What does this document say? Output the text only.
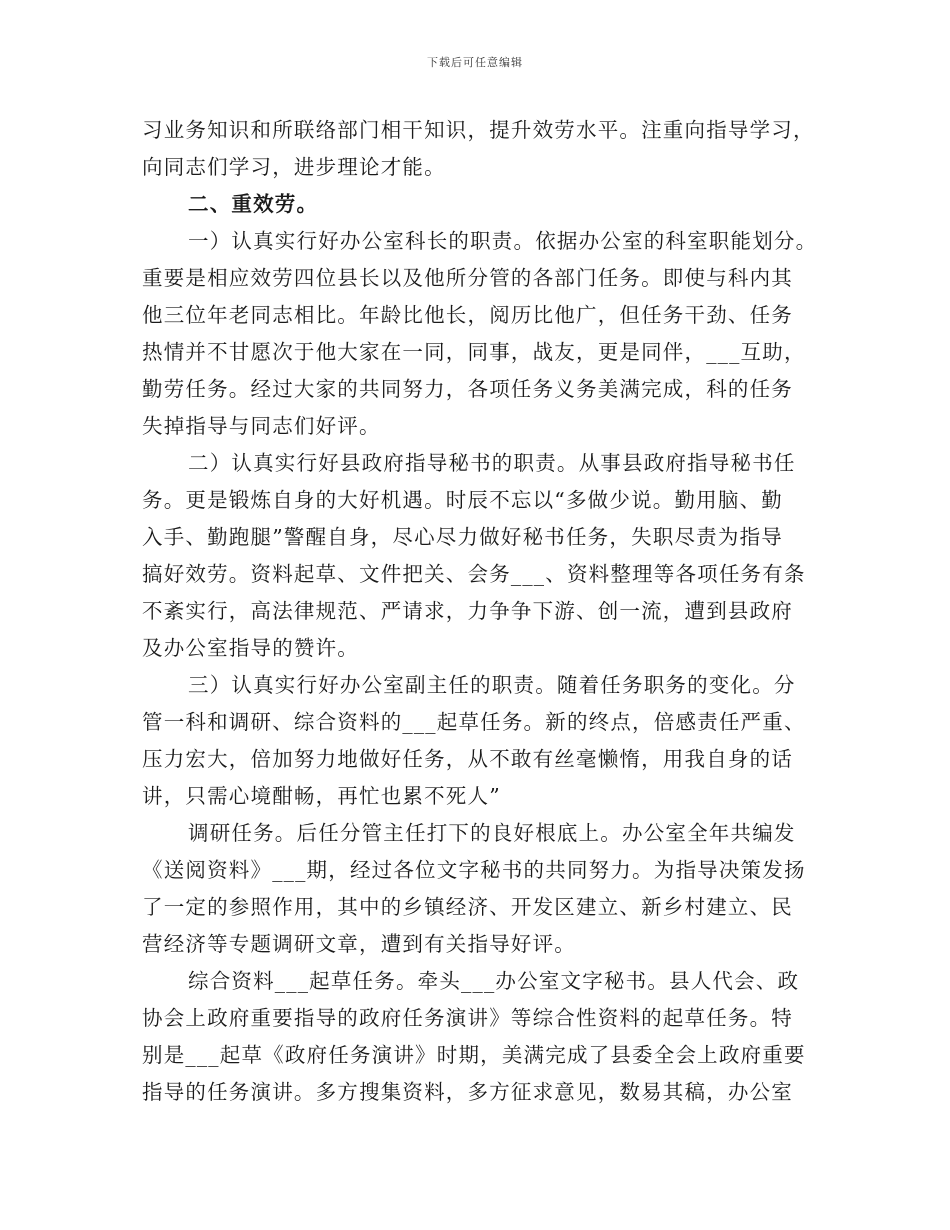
下载后可任意编辑
习业务知识和所联络部门相干知识，提升效劳水平。注重向指导学习，
向同志们学习，进步理论才能。
二、重效劳。
一）认真实行好办公室科长的职责。依据办公室的科室职能划分。
重要是相应效劳四位县长以及他所分管的各部门任务。即使与科内其
他三位年老同志相比。年龄比他长，阅历比他广，但任务干劲、任务
热情并不甘愿次于他大家在一同，同事，战友，更是同伴，___互助，
勤劳任务。经过大家的共同努力，各项任务义务美满完成，科的任务
失掉指导与同志们好评。
二）认真实行好县政府指导秘书的职责。从事县政府指导秘书任
务。更是锻炼自身的大好机遇。时辰不忘以“多做少说。勤用脑、勤
入手、勤跑腿”警醒自身，尽心尽力做好秘书任务，失职尽责为指导
搞好效劳。资料起草、文件把关、会务___、资料整理等各项任务有条
不紊实行，高法律规范、严请求，力争争下游、创一流，遭到县政府
及办公室指导的赞许。
三）认真实行好办公室副主任的职责。随着任务职务的变化。分
管一科和调研、综合资料的___起草任务。新的终点，倍感责任严重、
压力宏大，倍加努力地做好任务，从不敢有丝毫懒惰，用我自身的话
讲，只需心境酣畅，再忙也累不死人”
调研任务。后任分管主任打下的良好根底上。办公室全年共编发
《送阅资料》___期，经过各位文字秘书的共同努力。为指导决策发扬
了一定的参照作用，其中的乡镇经济、开发区建立、新乡村建立、民
营经济等专题调研文章，遭到有关指导好评。
综合资料___起草任务。牵头___办公室文字秘书。县人代会、政
协会上政府重要指导的政府任务演讲》等综合性资料的起草任务。特
别是___起草《政府任务演讲》时期，美满完成了县委全会上政府重要
指导的任务演讲。多方搜集资料，多方征求意见，数易其稿，办公室
